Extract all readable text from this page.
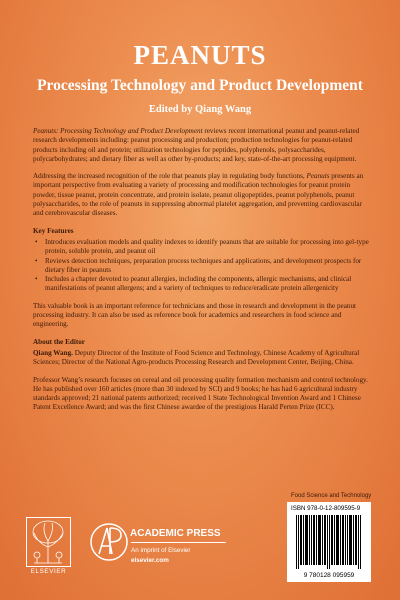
PEANUTS
Processing Technology and Product Development
Edited by Qiang Wang

Peanuts: Processing Technology and Product Development reviews recent international peanut and peanut-related research developments including: peanut processing and production; production technologies for peanut-related products including oil and protein; utilization technologies for peptides, polyphenols, polysaccharides, polycarbohydrates; and dietary fiber as well as other by-products; and key, state-of-the-art processing equipment.

Addressing the increased recognition of the role that peanuts play in regulating body functions, Peanuts presents an important perspective from evaluating a variety of processing and modification technologies for peanut protein powder, tissue peanut, protein concentrate, and protein isolate, peanut oligopeptides, peanut polyphenols, peanut polysaccharides, to the role of peanuts in suppressing abnormal platelet aggregation, and preventing cardiovascular and cerebrovascular diseases.

Key Features
• Introduces evaluation models and quality indexes to identify peanuts that are suitable for processing into gel-type protein, soluble protein, and peanut oil
• Reviews detection techniques, preparation process techniques and applications, and development prospects for dietary fiber in peanuts
• Includes a chapter devoted to peanut allergies, including the components, allergic mechanisms, and clinical manifestations of peanut allergens; and a variety of techniques to reduce/eradicate protein allergenicity

This valuable book is an important reference for technicians and those in research and development in the peanut processing industry. It can also be used as reference book for academics and researchers in food science and engineering.

About the Editor

Qiang Wang. Deputy Director of the Institute of Food Science and Technology, Chinese Academy of Agricultural Sciences; Director of the National Agro-products Processing Research and Development Center, Beijing, China.

Professor Wang’s research focuses on cereal and oil processing quality formation mechanism and control technology. He has published over 160 articles (more than 30 indexed by SCI) and 9 books; he has had 6 agricultural industry standards approved; 21 national patents authorized; received 1 State Technological Invention Award and 1 Chinese Patent Excellence Award; and was the first Chinese awardee of the prestigious Harald Perten Prize (ICC).

Food Science and Technology
ISBN 978-0-12-809595-9
9 780128 095959
ELSEVIER
ACADEMIC PRESS
An imprint of Elsevier
elsevier.com
